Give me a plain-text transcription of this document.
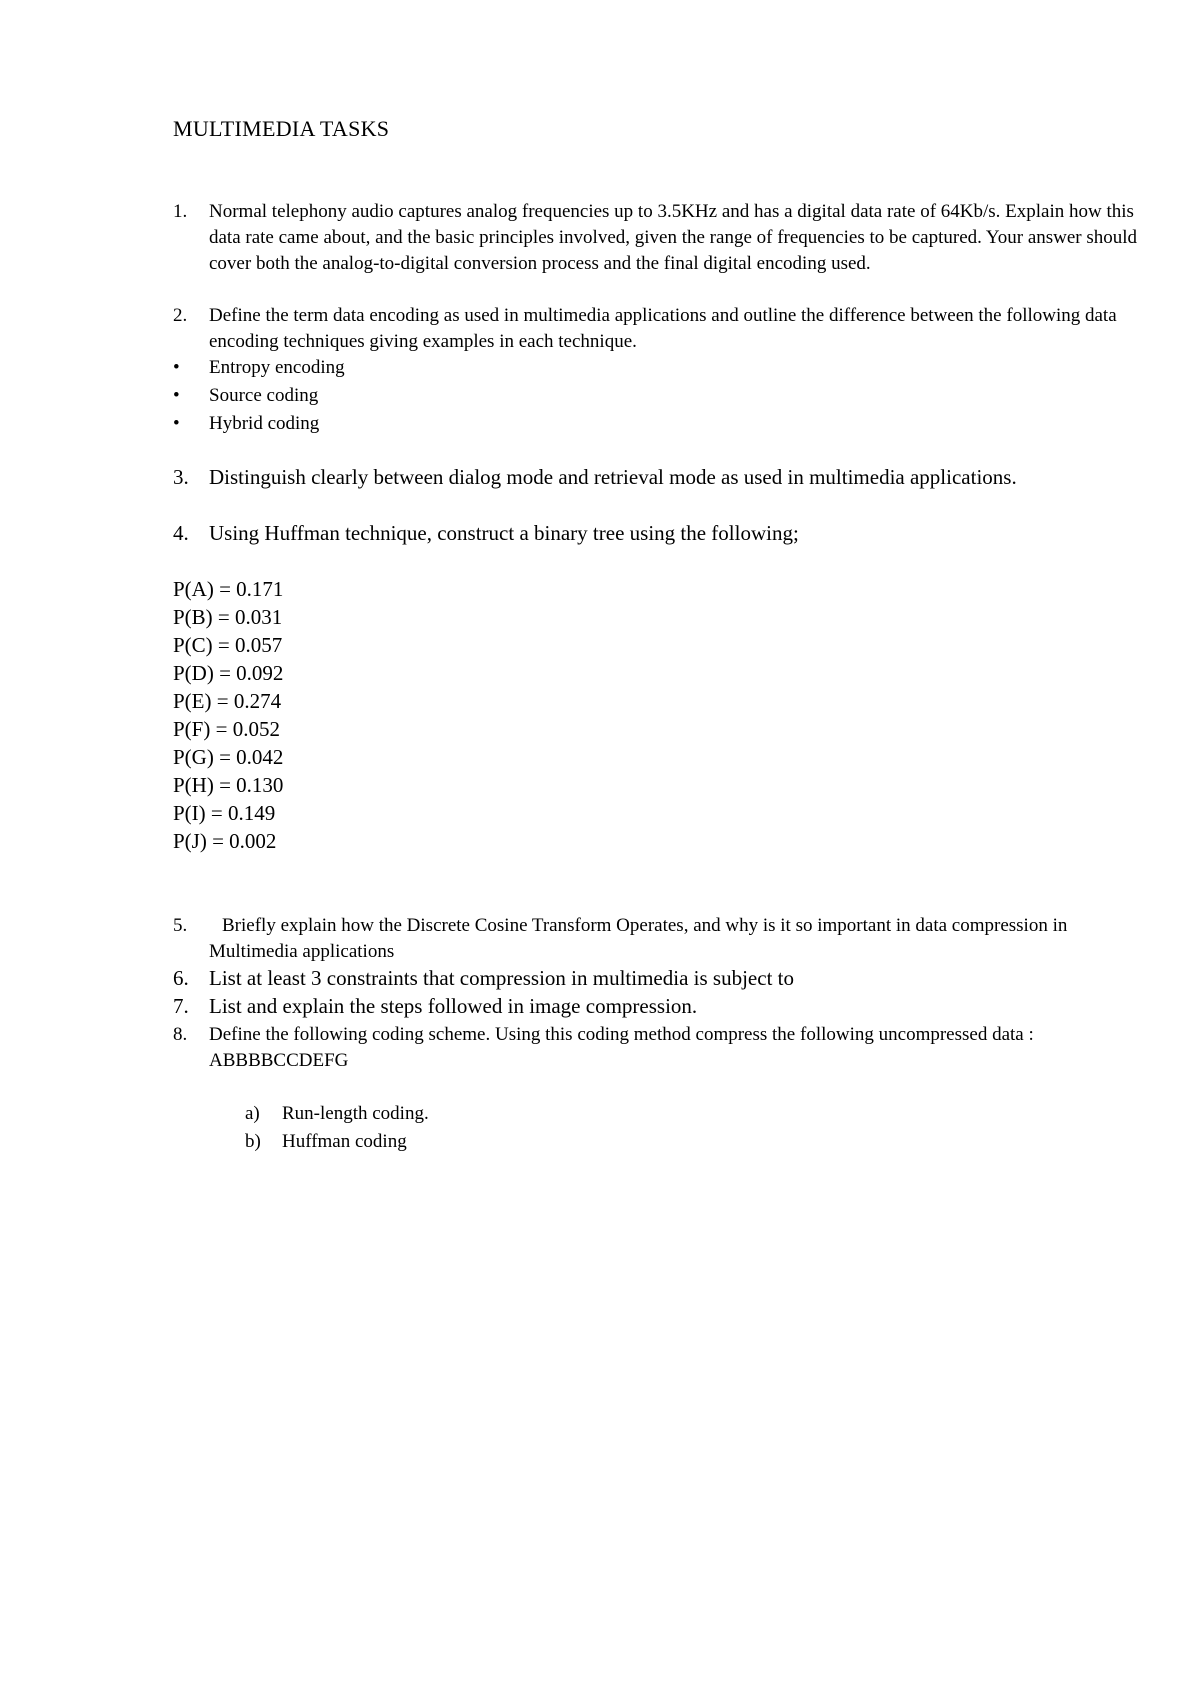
MULTIMEDIA TASKS
1.	Normal telephony audio captures analog frequencies up to 3.5KHz and has a digital data rate of 64Kb/s. Explain how this data rate came about, and the basic principles involved, given the range of frequencies to be captured. Your answer should cover both the analog-to-digital conversion process and the final digital encoding used.
2.	Define the term data encoding as used in multimedia applications and outline the difference between the following data encoding techniques giving examples in each technique.
• Entropy encoding
• Source coding
• Hybrid coding
3. Distinguish clearly between dialog mode and retrieval mode as used in multimedia applications.
4. Using Huffman technique, construct a binary tree using the following;
P(A) = 0.171
P(B) = 0.031
P(C) = 0.057
P(D) = 0.092
P(E) = 0.274
P(F) = 0.052
P(G) = 0.042
P(H) = 0.130
P(I) = 0.149
P(J) = 0.002
5.	Briefly explain how the Discrete Cosine Transform Operates, and why is it so important in data compression in Multimedia applications
6. List at least 3 constraints that compression in multimedia is subject to
7. List and explain the steps followed in image compression.
8.	Define the following coding scheme. Using this coding method compress the following uncompressed data : ABBBBCCDEFG
a) Run-length coding.
b) Huffman coding
